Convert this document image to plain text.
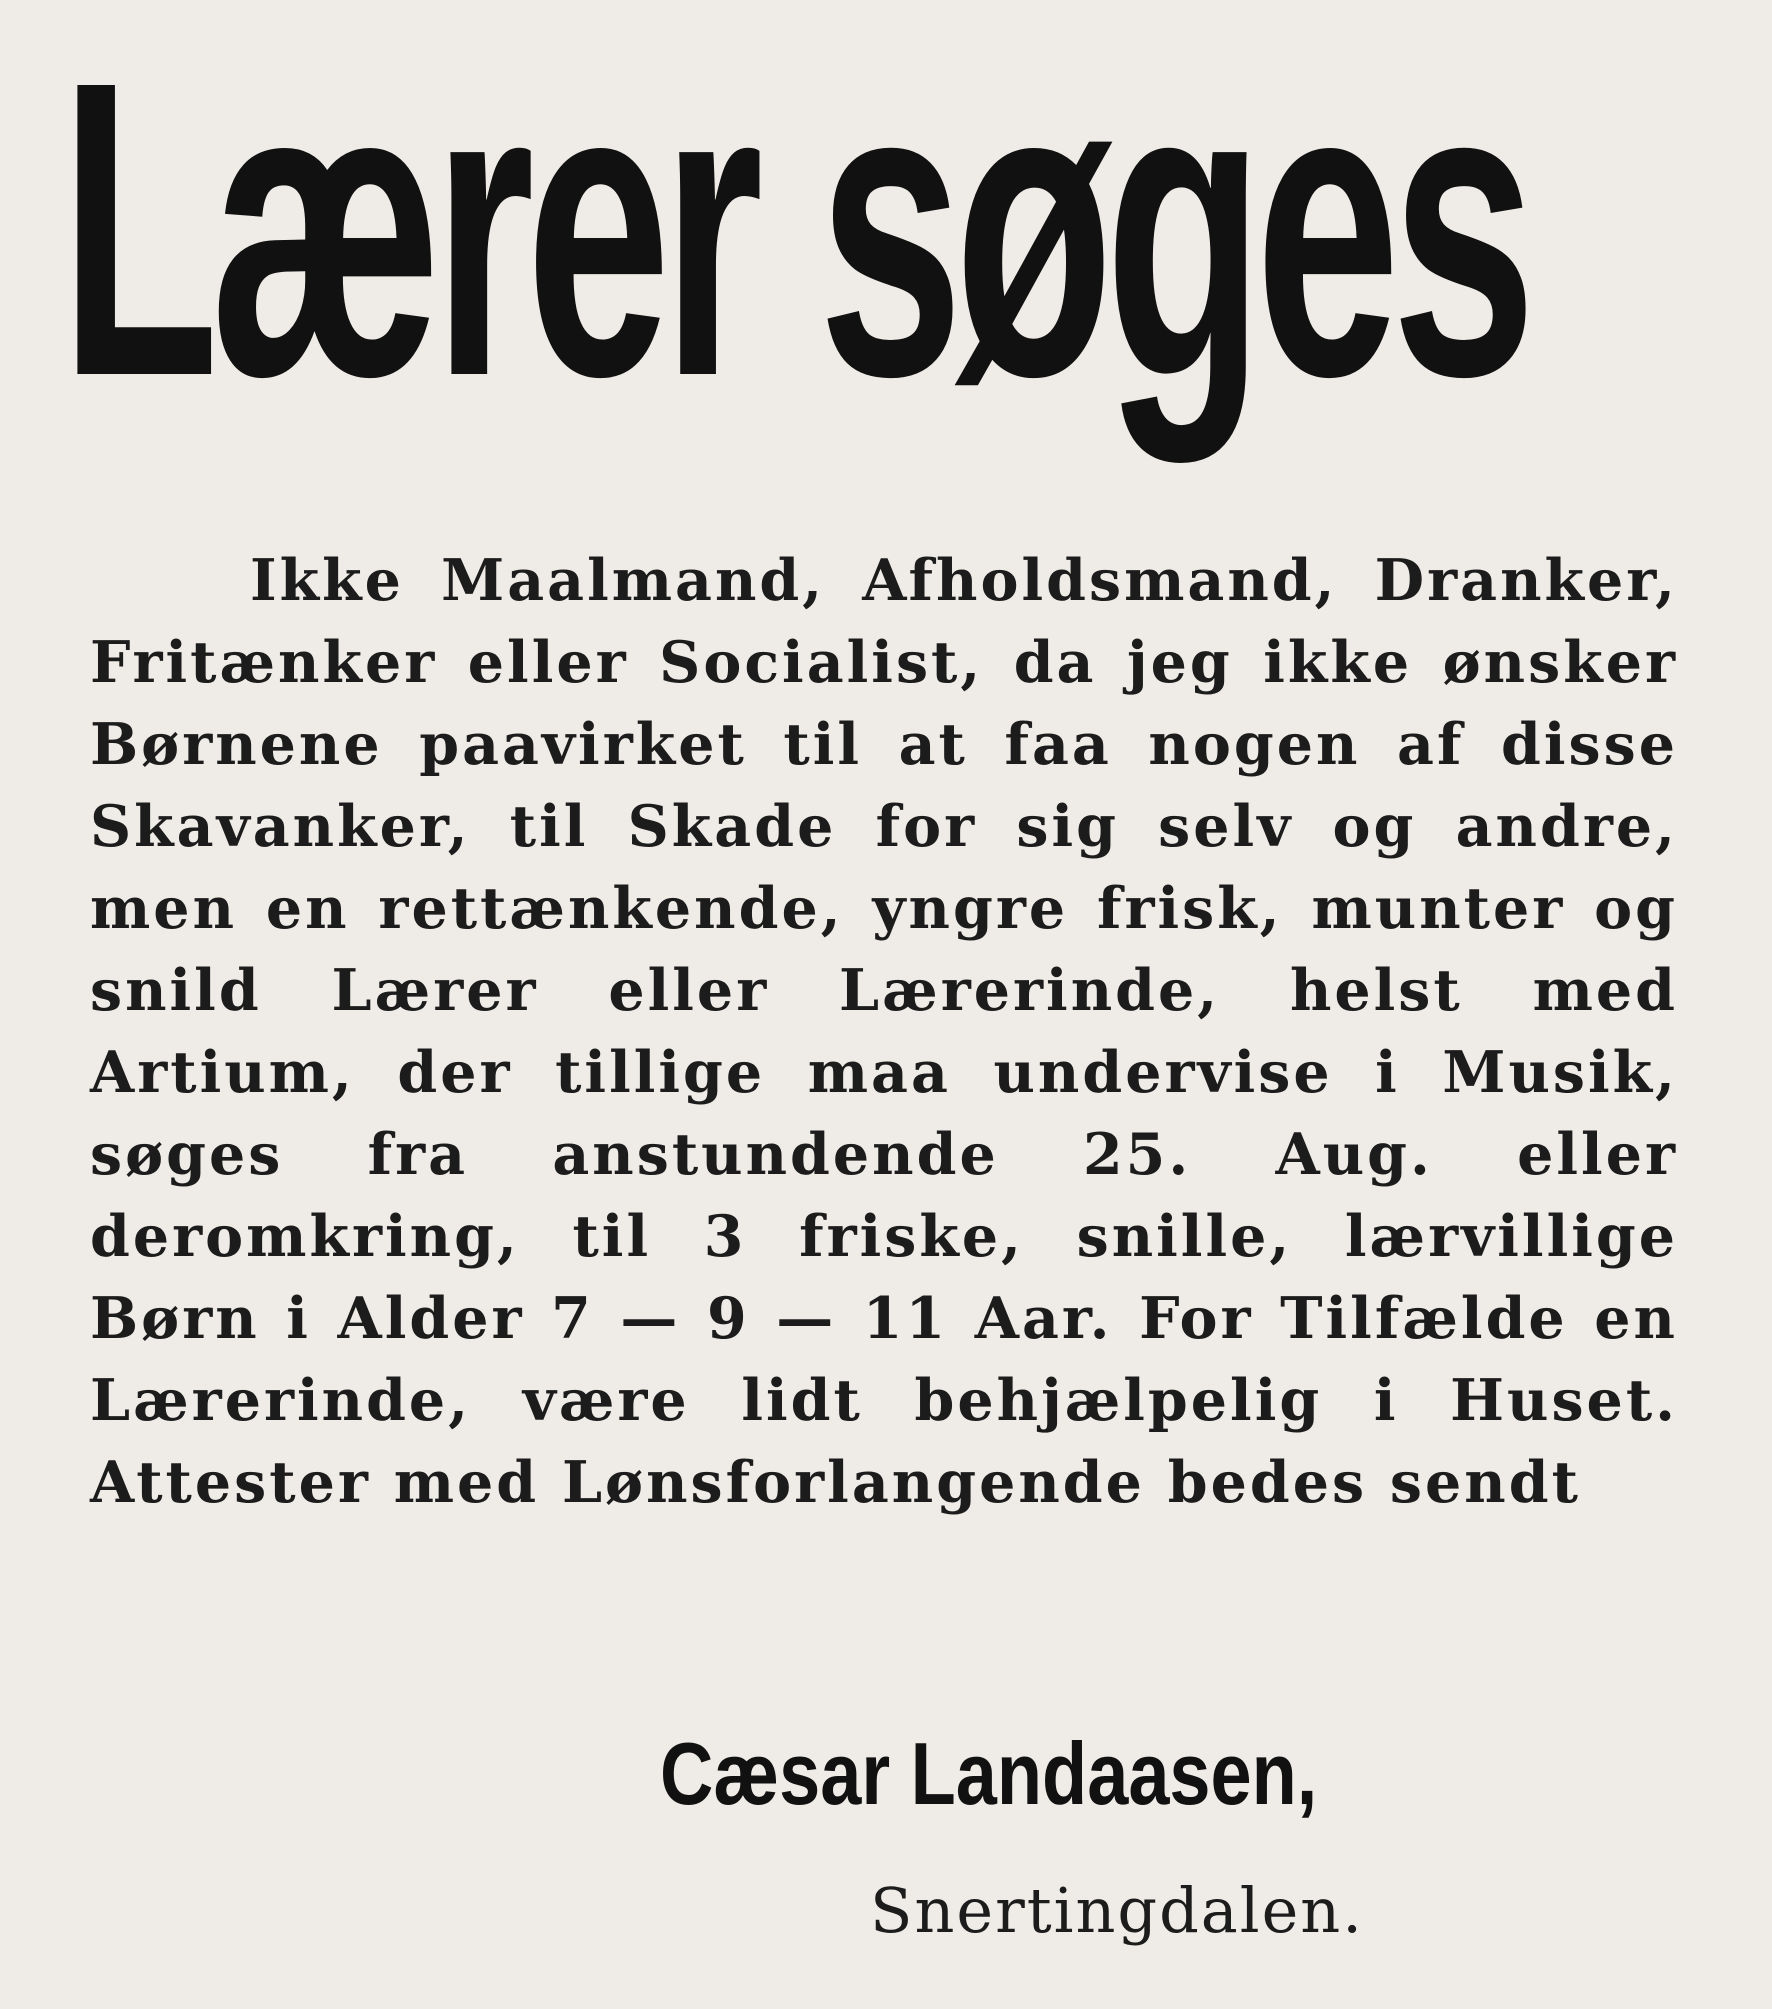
Lærer søges
Ikke Maalmand, Afholdsmand, Dranker, Fritænker eller Socialist, da jeg ikke ønsker Børnene paavirket til at faa nogen af disse Skavanker, til Skade for sig selv og andre, men en rettænkende, yngre frisk, munter og snild Lærer eller Lærerinde, helst med Artium, der tillige maa undervise i Musik, søges fra anstundende 25. Aug. eller deromkring, til 3 friske, snille, lærvillige Børn i Alder 7 — 9 — 11 Aar. For Tilfælde en Lærerinde, være lidt behjælpelig i Huset. Attester med Lønsforlangende bedes sendt
Cæsar Landaasen,
Snertingdalen.
